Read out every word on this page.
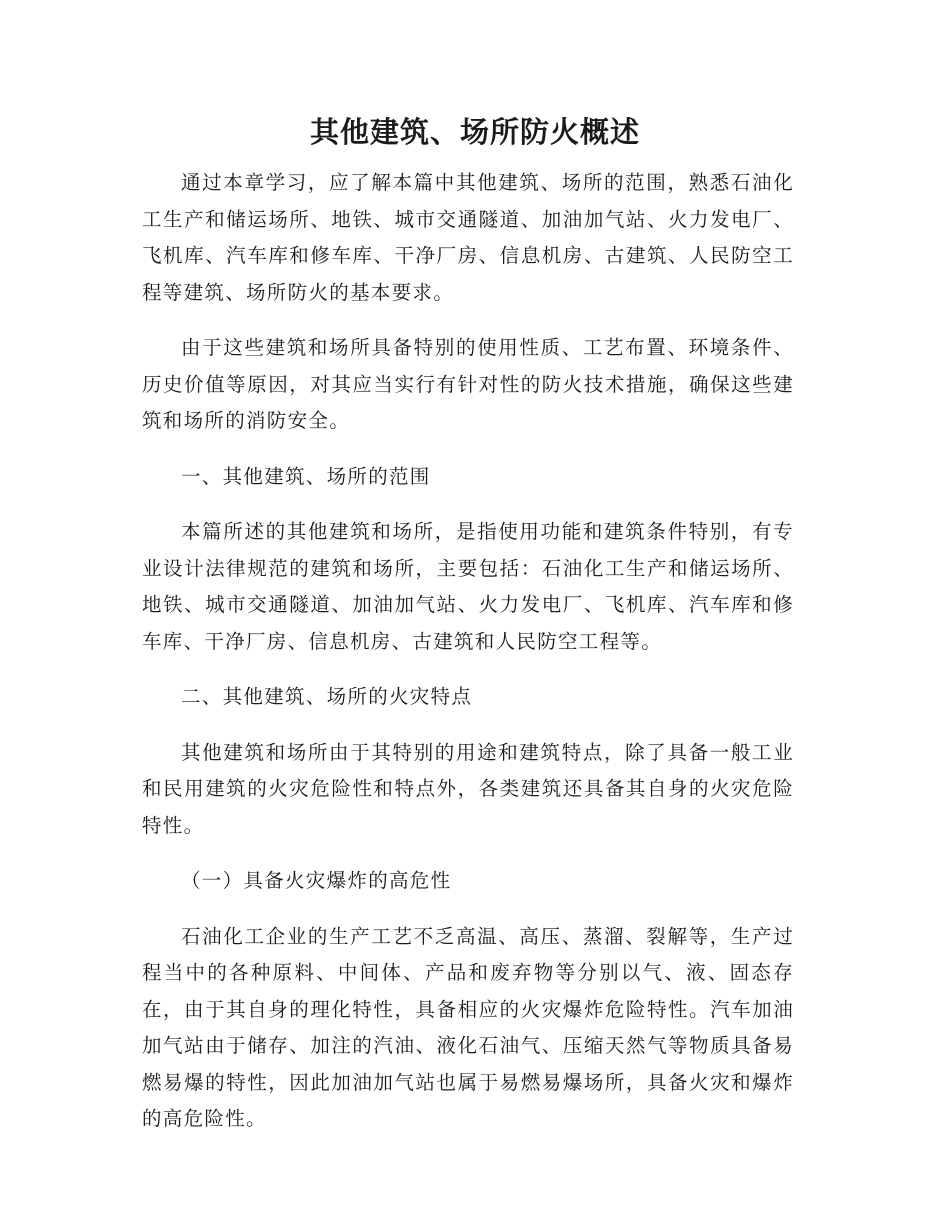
其他建筑、场所防火概述

通过本章学习，应了解本篇中其他建筑、场所的范围，熟悉石油化工生产和储运场所、地铁、城市交通隧道、加油加气站、火力发电厂、飞机库、汽车库和修车库、干净厂房、信息机房、古建筑、人民防空工程等建筑、场所防火的基本要求。

由于这些建筑和场所具备特别的使用性质、工艺布置、环境条件、历史价值等原因，对其应当实行有针对性的防火技术措施，确保这些建筑和场所的消防安全。

一、其他建筑、场所的范围

本篇所述的其他建筑和场所，是指使用功能和建筑条件特别，有专业设计法律规范的建筑和场所，主要包括：石油化工生产和储运场所、地铁、城市交通隧道、加油加气站、火力发电厂、飞机库、汽车库和修车库、干净厂房、信息机房、古建筑和人民防空工程等。

二、其他建筑、场所的火灾特点

其他建筑和场所由于其特别的用途和建筑特点，除了具备一般工业和民用建筑的火灾危险性和特点外，各类建筑还具备其自身的火灾危险特性。

（一）具备火灾爆炸的高危性

石油化工企业的生产工艺不乏高温、高压、蒸溜、裂解等，生产过程当中的各种原料、中间体、产品和废弃物等分别以气、液、固态存在，由于其自身的理化特性，具备相应的火灾爆炸危险特性。汽车加油加气站由于储存、加注的汽油、液化石油气、压缩天然气等物质具备易燃易爆的特性，因此加油加气站也属于易燃易爆场所，具备火灾和爆炸的高危险性。
